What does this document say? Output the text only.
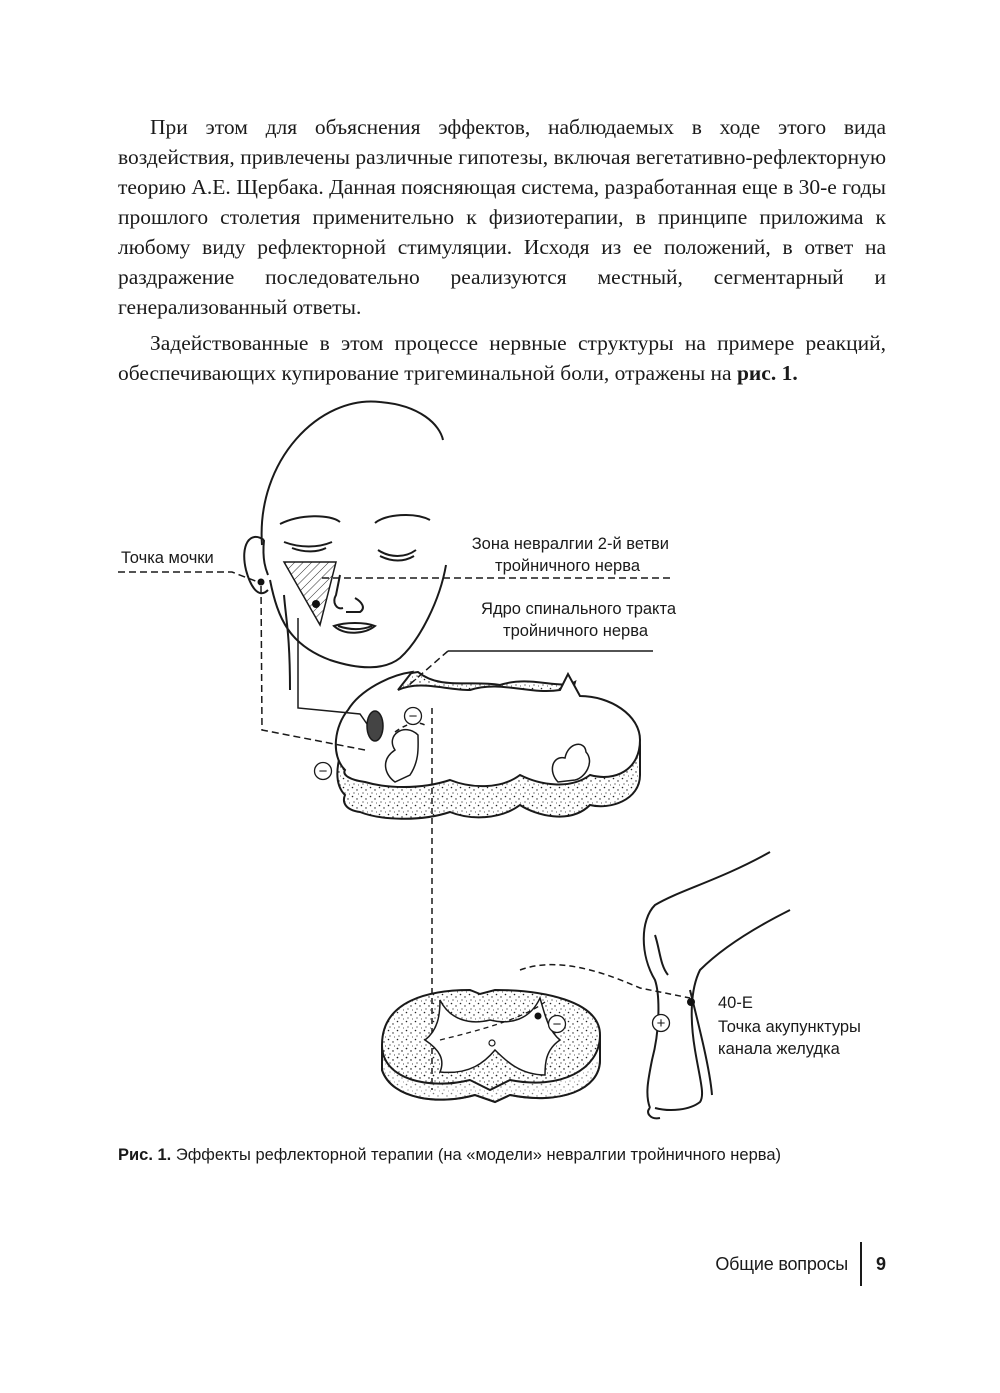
При этом для объяснения эффектов, наблюдаемых в ходе этого вида воздействия, привлечены различные гипотезы, включая вегетативно-рефлекторную теорию А.Е. Щербака. Данная поясняющая система, разработанная еще в 30-е годы прошлого столетия применительно к физиотерапии, в принципе приложима к любому виду рефлекторной стимуляции. Исходя из ее положений, в ответ на раздражение последовательно реализуются местный, сегментарный и генерализованный ответы.

Задействованные в этом процессе нервные структуры на примере реакций, обеспечивающих купирование тригеминальной боли, отражены на рис. 1.

−
−
−	+
Точка мочки
Зона невралгии 2-й ветви
тройничного нерва
Ядро спинального тракта
тройничного нерва
40-E
Точка акупунктуры
канала желудка

Рис. 1. Эффекты рефлекторной терапии (на «модели» невралгии тройничного нерва)

Общие вопросы 9
